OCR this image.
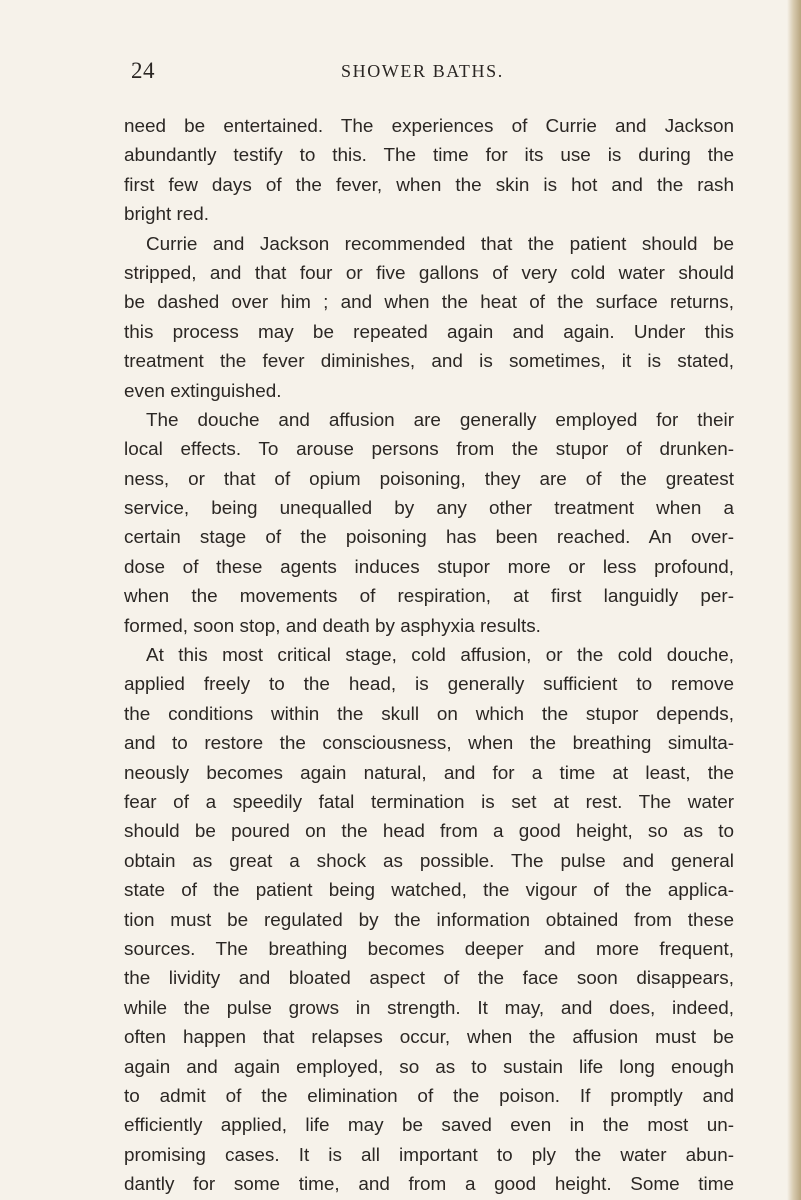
24	SHOWER BATHS.
need be entertained. The experiences of Currie and Jackson
abundantly testify to this. The time for its use is during the
first few days of the fever, when the skin is hot and the rash
bright red.
Currie and Jackson recommended that the patient should be
stripped, and that four or five gallons of very cold water should
be dashed over him ; and when the heat of the surface returns,
this process may be repeated again and again. Under this
treatment the fever diminishes, and is sometimes, it is stated,
even extinguished.
The douche and affusion are generally employed for their
local effects. To arouse persons from the stupor of drunken-
ness, or that of opium poisoning, they are of the greatest
service, being unequalled by any other treatment when a
certain stage of the poisoning has been reached. An over-
dose of these agents induces stupor more or less profound,
when the movements of respiration, at first languidly per-
formed, soon stop, and death by asphyxia results.
At this most critical stage, cold affusion, or the cold douche,
applied freely to the head, is generally sufficient to remove
the conditions within the skull on which the stupor depends,
and to restore the consciousness, when the breathing simulta-
neously becomes again natural, and for a time at least, the
fear of a speedily fatal termination is set at rest. The water
should be poured on the head from a good height, so as to
obtain as great a shock as possible. The pulse and general
state of the patient being watched, the vigour of the applica-
tion must be regulated by the information obtained from these
sources. The breathing becomes deeper and more frequent,
the lividity and bloated aspect of the face soon disappears,
while the pulse grows in strength. It may, and does, indeed,
often happen that relapses occur, when the affusion must be
again and again employed, so as to sustain life long enough
to admit of the elimination of the poison. If promptly and
efficiently applied, life may be saved even in the most un-
promising cases. It is all important to ply the water abun-
dantly for some time, and from a good height. Some time
